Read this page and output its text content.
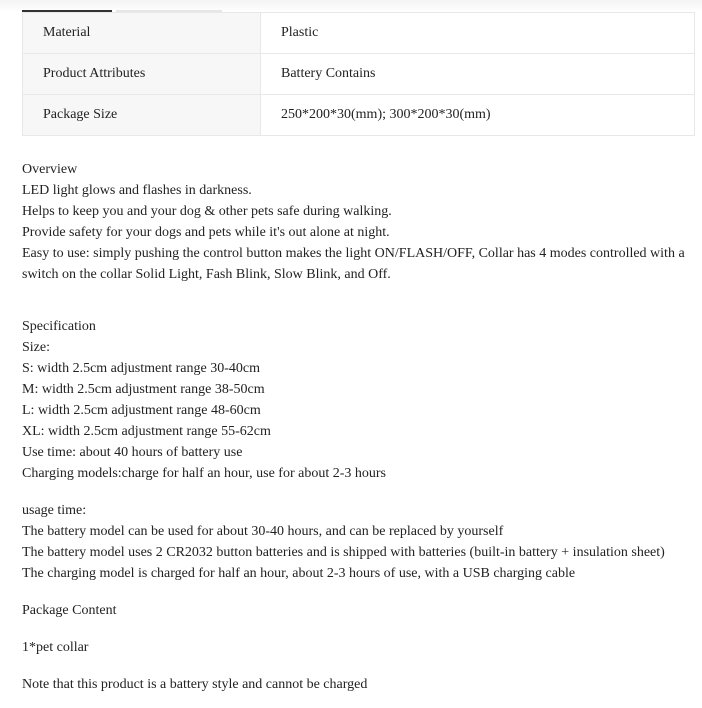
Material	Plastic
Product Attributes	Battery Contains
Package Size	250*200*30(mm); 300*200*30(mm)
Overview
LED light glows and flashes in darkness.
Helps to keep you and your dog & other pets safe during walking.
Provide safety for your dogs and pets while it's out alone at night.
Easy to use: simply pushing the control button makes the light ON/FLASH/OFF, Collar has 4 modes controlled with a switch on the collar Solid Light, Fash Blink, Slow Blink, and Off.
Specification
Size:
S: width 2.5cm adjustment range 30-40cm
M: width 2.5cm adjustment range 38-50cm
L: width 2.5cm adjustment range 48-60cm
XL: width 2.5cm adjustment range 55-62cm
Use time: about 40 hours of battery use
Charging models:charge for half an hour, use for about 2-3 hours
usage time:
The battery model can be used for about 30-40 hours, and can be replaced by yourself
The battery model uses 2 CR2032 button batteries and is shipped with batteries (built-in battery + insulation sheet)
The charging model is charged for half an hour, about 2-3 hours of use, with a USB charging cable
Package Content
1*pet collar
Note that this product is a battery style and cannot be charged
